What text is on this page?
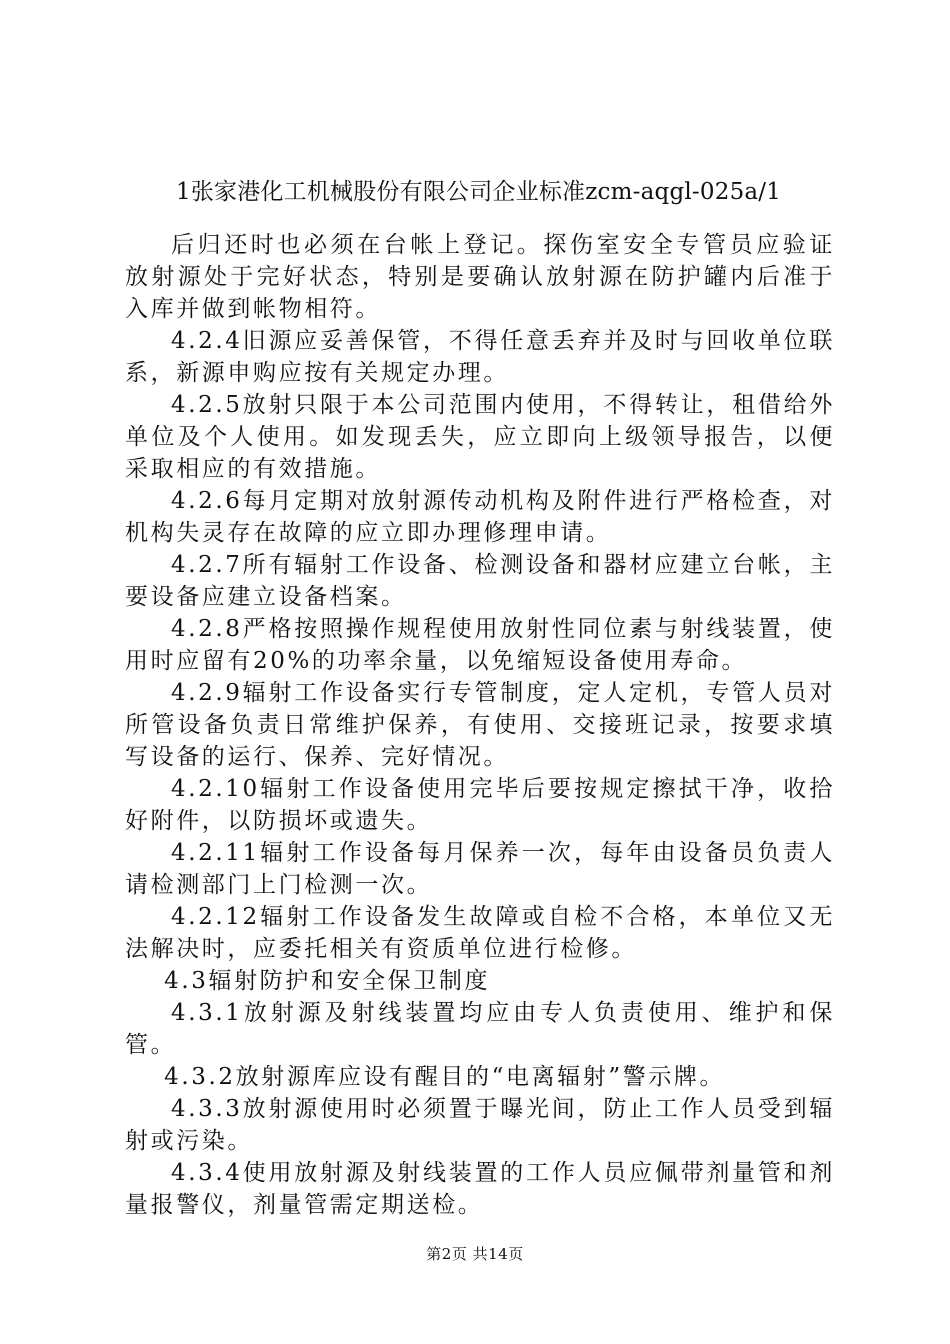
1张家港化工机械股份有限公司企业标准zcm-aqgl-025a/1

后归还时也必须在台帐上登记。探伤室安全专管员应验证放射源处于完好状态，特别是要确认放射源在防护罐内后准于入库并做到帐物相符。

4.2.4旧源应妥善保管，不得任意丢弃并及时与回收单位联系，新源申购应按有关规定办理。

4.2.5放射只限于本公司范围内使用，不得转让，租借给外单位及个人使用。如发现丢失，应立即向上级领导报告，以便采取相应的有效措施。

4.2.6每月定期对放射源传动机构及附件进行严格检查，对机构失灵存在故障的应立即办理修理申请。

4.2.7所有辐射工作设备、检测设备和器材应建立台帐，主要设备应建立设备档案。

4.2.8严格按照操作规程使用放射性同位素与射线装置，使用时应留有20%的功率余量，以免缩短设备使用寿命。

4.2.9辐射工作设备实行专管制度，定人定机，专管人员对所管设备负责日常维护保养，有使用、交接班记录，按要求填写设备的运行、保养、完好情况。

4.2.10辐射工作设备使用完毕后要按规定擦拭干净，收拾好附件，以防损坏或遗失。

4.2.11辐射工作设备每月保养一次，每年由设备员负责人请检测部门上门检测一次。

4.2.12辐射工作设备发生故障或自检不合格，本单位又无法解决时，应委托相关有资质单位进行检修。

4.3辐射防护和安全保卫制度

4.3.1放射源及射线装置均应由专人负责使用、维护和保管。

4.3.2放射源库应设有醒目的“电离辐射”警示牌。

4.3.3放射源使用时必须置于曝光间，防止工作人员受到辐射或污染。

4.3.4使用放射源及射线装置的工作人员应佩带剂量管和剂量报警仪，剂量管需定期送检。

第2页 共14页
